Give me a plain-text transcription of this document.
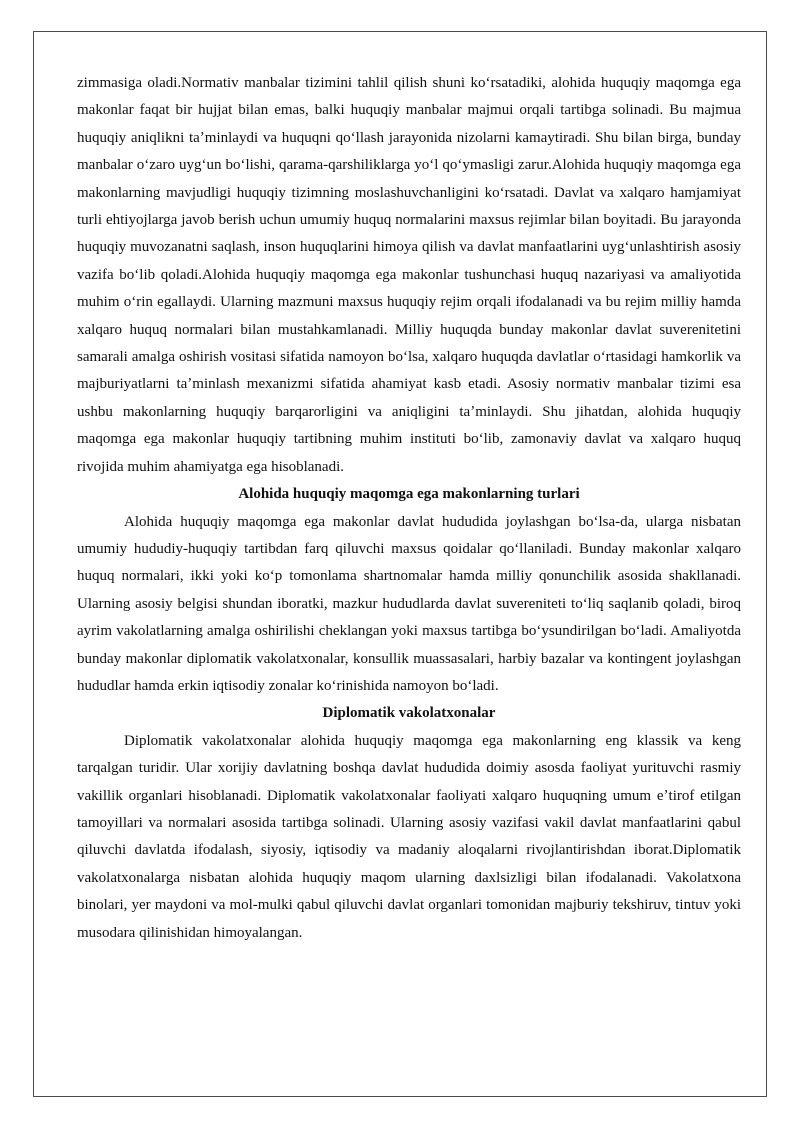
zimmasiga oladi.Normativ manbalar tizimini tahlil qilish shuni koʻrsatadiki, alohida huquqiy maqomga ega makonlar faqat bir hujjat bilan emas, balki huquqiy manbalar majmui orqali tartibga solinadi. Bu majmua huquqiy aniqlikni taʼminlaydi va huquqni qoʻllash jarayonida nizolarni kamaytiradi. Shu bilan birga, bunday manbalar oʻzaro uygʻun boʻlishi, qarama-qarshiliklarga yoʻl qoʻymasligi zarur.Alohida huquqiy maqomga ega makonlarning mavjudligi huquqiy tizimning moslashuvchanligini koʻrsatadi. Davlat va xalqaro hamjamiyat turli ehtiyojlarga javob berish uchun umumiy huquq normalarini maxsus rejimlar bilan boyitadi. Bu jarayonda huquqiy muvozanatni saqlash, inson huquqlarini himoya qilish va davlat manfaatlarini uygʻunlashtirish asosiy vazifa boʻlib qoladi.Alohida huquqiy maqomga ega makonlar tushunchasi huquq nazariyasi va amaliyotida muhim oʻrin egallaydi. Ularning mazmuni maxsus huquqiy rejim orqali ifodalanadi va bu rejim milliy hamda xalqaro huquq normalari bilan mustahkamlanadi. Milliy huquqda bunday makonlar davlat suverenitetini samarali amalga oshirish vositasi sifatida namoyon boʻlsa, xalqaro huquqda davlatlar oʻrtasidagi hamkorlik va majburiyatlarni taʼminlash mexanizmi sifatida ahamiyat kasb etadi. Asosiy normativ manbalar tizimi esa ushbu makonlarning huquqiy barqarorligini va aniqligini taʼminlaydi. Shu jihatdan, alohida huquqiy maqomga ega makonlar huquqiy tartibning muhim instituti boʻlib, zamonaviy davlat va xalqaro huquq rivojida muhim ahamiyatga ega hisoblanadi.

Alohida huquqiy maqomga ega makonlarning turlari

Alohida huquqiy maqomga ega makonlar davlat hududida joylashgan boʻlsa-da, ularga nisbatan umumiy hududiy-huquqiy tartibdan farq qiluvchi maxsus qoidalar qoʻllaniladi. Bunday makonlar xalqaro huquq normalari, ikki yoki koʻp tomonlama shartnomalar hamda milliy qonunchilik asosida shakllanadi. Ularning asosiy belgisi shundan iboratki, mazkur hududlarda davlat suvereniteti toʻliq saqlanib qoladi, biroq ayrim vakolatlarning amalga oshirilishi cheklangan yoki maxsus tartibga boʻysundirilgan boʻladi. Amaliyotda bunday makonlar diplomatik vakolatxonalar, konsullik muassasalari, harbiy bazalar va kontingent joylashgan hududlar hamda erkin iqtisodiy zonalar koʻrinishida namoyon boʻladi.

Diplomatik vakolatxonalar

Diplomatik vakolatxonalar alohida huquqiy maqomga ega makonlarning eng klassik va keng tarqalgan turidir. Ular xorijiy davlatning boshqa davlat hududida doimiy asosda faoliyat yurituvchi rasmiy vakillik organlari hisoblanadi. Diplomatik vakolatxonalar faoliyati xalqaro huquqning umum eʼtirof etilgan tamoyillari va normalari asosida tartibga solinadi. Ularning asosiy vazifasi vakil davlat manfaatlarini qabul qiluvchi davlatda ifodalash, siyosiy, iqtisodiy va madaniy aloqalarni rivojlantirishdan iborat.Diplomatik vakolatxonalarga nisbatan alohida huquqiy maqom ularning daxlsizligi bilan ifodalanadi. Vakolatxona binolari, yer maydoni va mol-mulki qabul qiluvchi davlat organlari tomonidan majburiy tekshiruv, tintuv yoki musodara qilinishidan himoyalangan.
